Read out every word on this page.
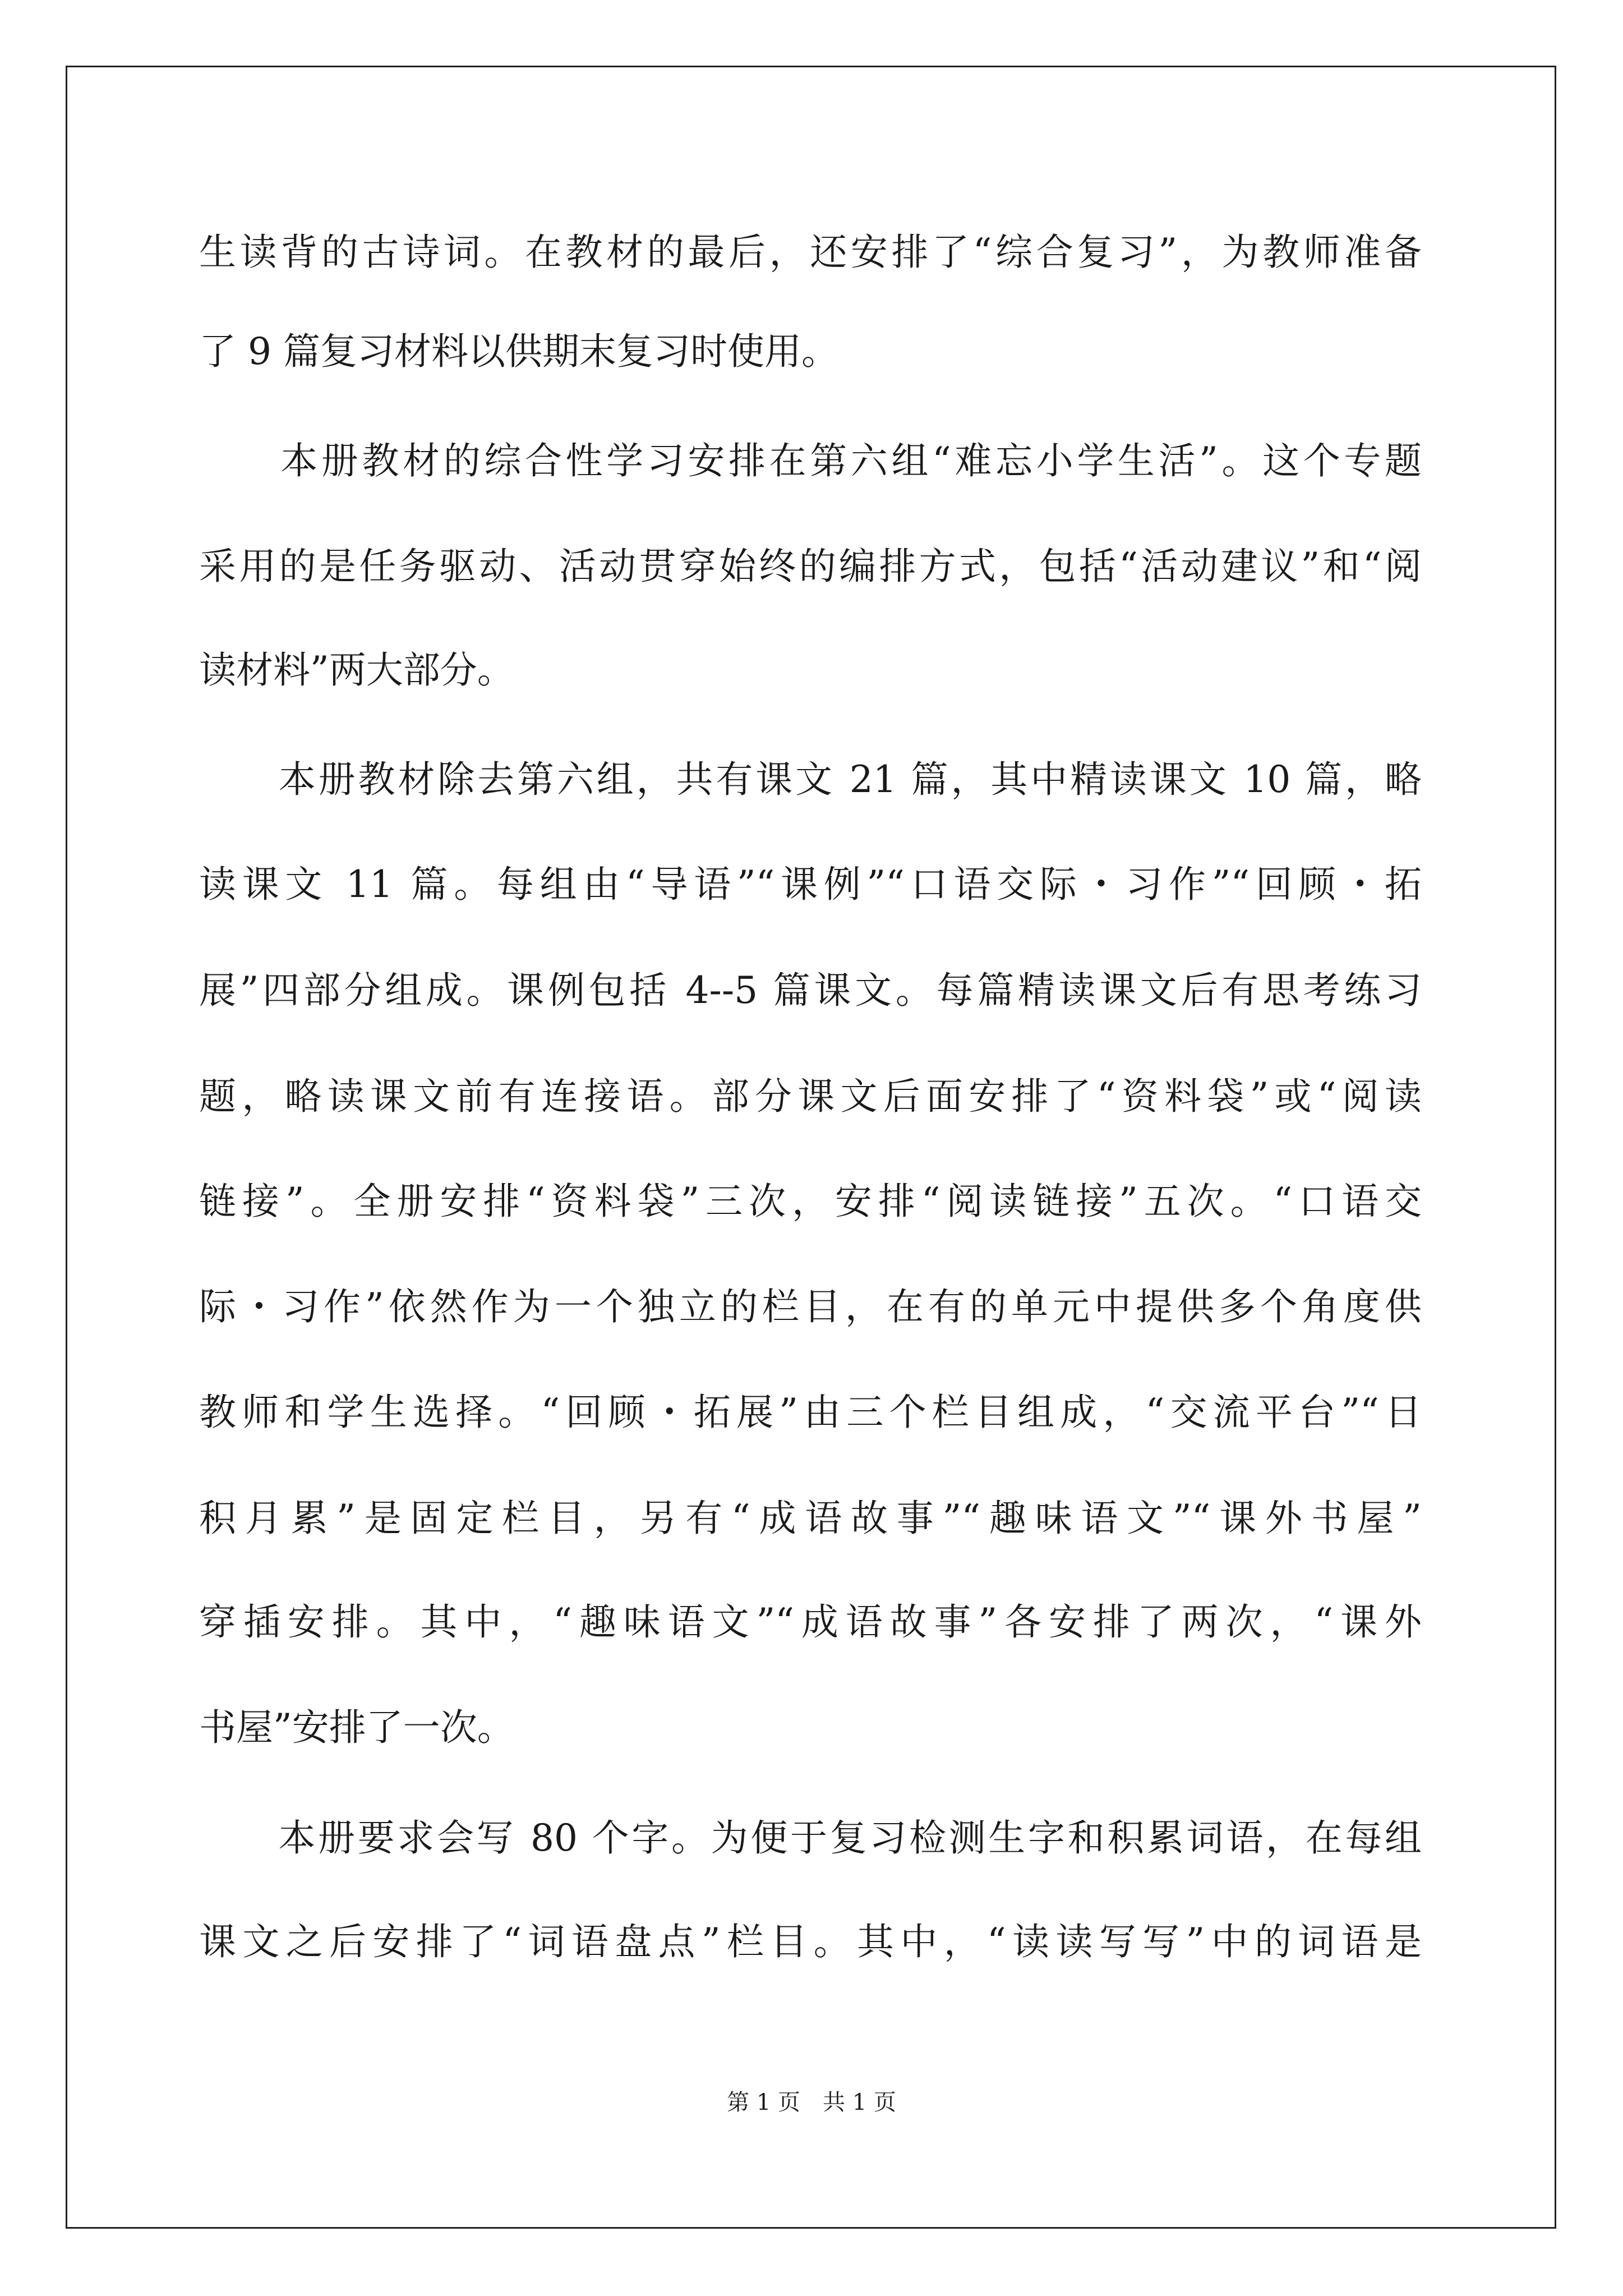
生读背的古诗词。在教材的最后，还安排了“综合复习”，为教师准备
了 9 篇复习材料以供期末复习时使用。
　　本册教材的综合性学习安排在第六组“难忘小学生活”。这个专题
采用的是任务驱动、活动贯穿始终的编排方式，包括“活动建议”和“阅
读材料”两大部分。
　　本册教材除去第六组，共有课文 21 篇，其中精读课文 10 篇，略
读课文 11 篇。每组由“导语”“课例”“口语交际・习作”“回顾・拓
展”四部分组成。课例包括 4--5 篇课文。每篇精读课文后有思考练习
题，略读课文前有连接语。部分课文后面安排了“资料袋”或“阅读
链接”。全册安排“资料袋”三次，安排“阅读链接”五次。“口语交
际・习作”依然作为一个独立的栏目，在有的单元中提供多个角度供
教师和学生选择。“回顾・拓展”由三个栏目组成，“交流平台”“日
积月累”是固定栏目，另有“成语故事”“趣味语文”“课外书屋”
穿插安排。其中，“趣味语文”“成语故事”各安排了两次，“课外
书屋”安排了一次。
　　本册要求会写 80 个字。为便于复习检测生字和积累词语，在每组
课文之后安排了“词语盘点”栏目。其中，“读读写写”中的词语是
第 1 页 共 1 页
